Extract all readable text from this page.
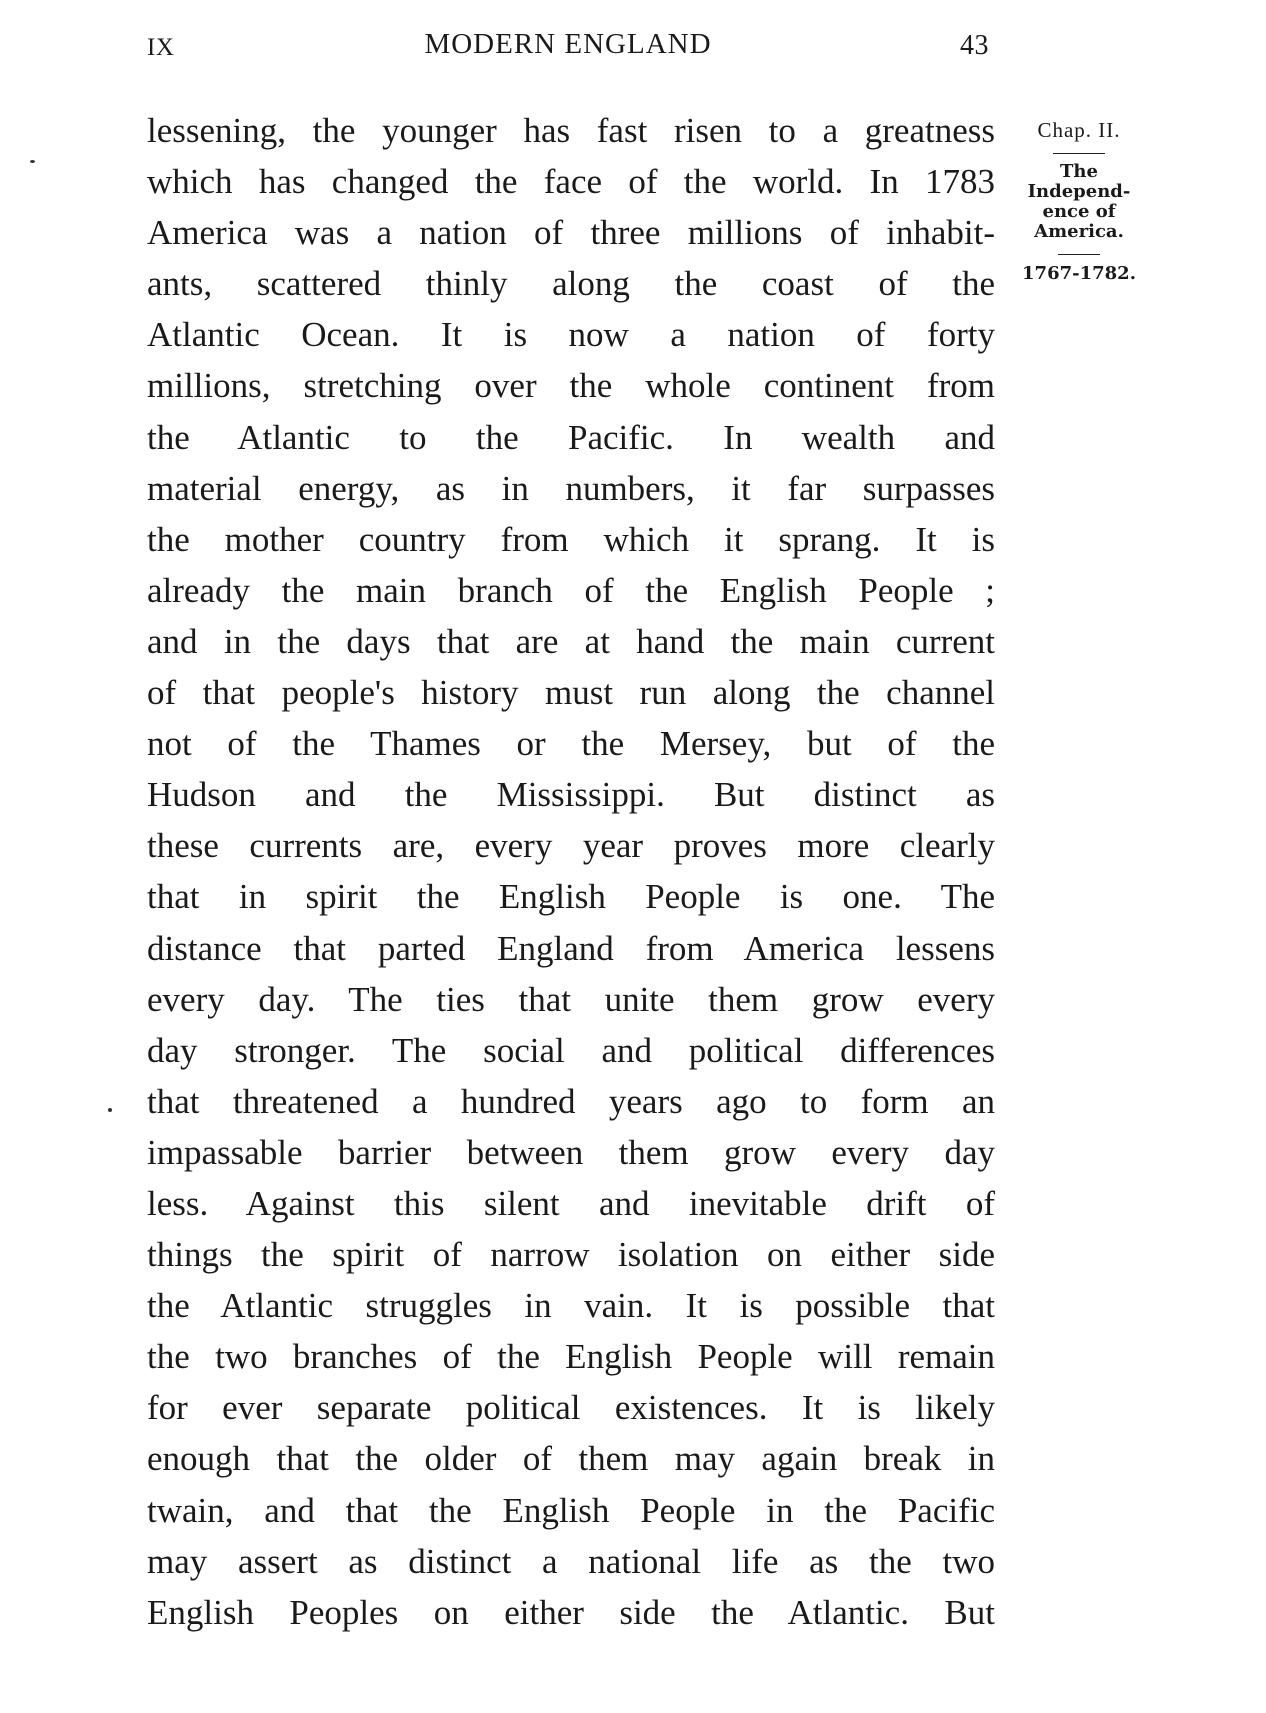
IX	MODERN ENGLAND	43
lessening, the younger has fast risen to a greatness
which has changed the face of the world. In 1783
America was a nation of three millions of inhabit-
ants, scattered thinly along the coast of the
Atlantic Ocean. It is now a nation of forty
millions, stretching over the whole continent from
the Atlantic to the Pacific. In wealth and
material energy, as in numbers, it far surpasses
the mother country from which it sprang. It is
already the main branch of the English People ;
and in the days that are at hand the main current
of that people's history must run along the channel
not of the Thames or the Mersey, but of the
Hudson and the Mississippi. But distinct as
these currents are, every year proves more clearly
that in spirit the English People is one. The
distance that parted England from America lessens
every day. The ties that unite them grow every
day stronger. The social and political differences
that threatened a hundred years ago to form an
impassable barrier between them grow every day
less. Against this silent and inevitable drift of
things the spirit of narrow isolation on either side
the Atlantic struggles in vain. It is possible that
the two branches of the English People will remain
for ever separate political existences. It is likely
enough that the older of them may again break in
twain, and that the English People in the Pacific
may assert as distinct a national life as the two
English Peoples on either side the Atlantic. But
Chap. II.
The
Independ-
ence of
America.
1767-1782.
